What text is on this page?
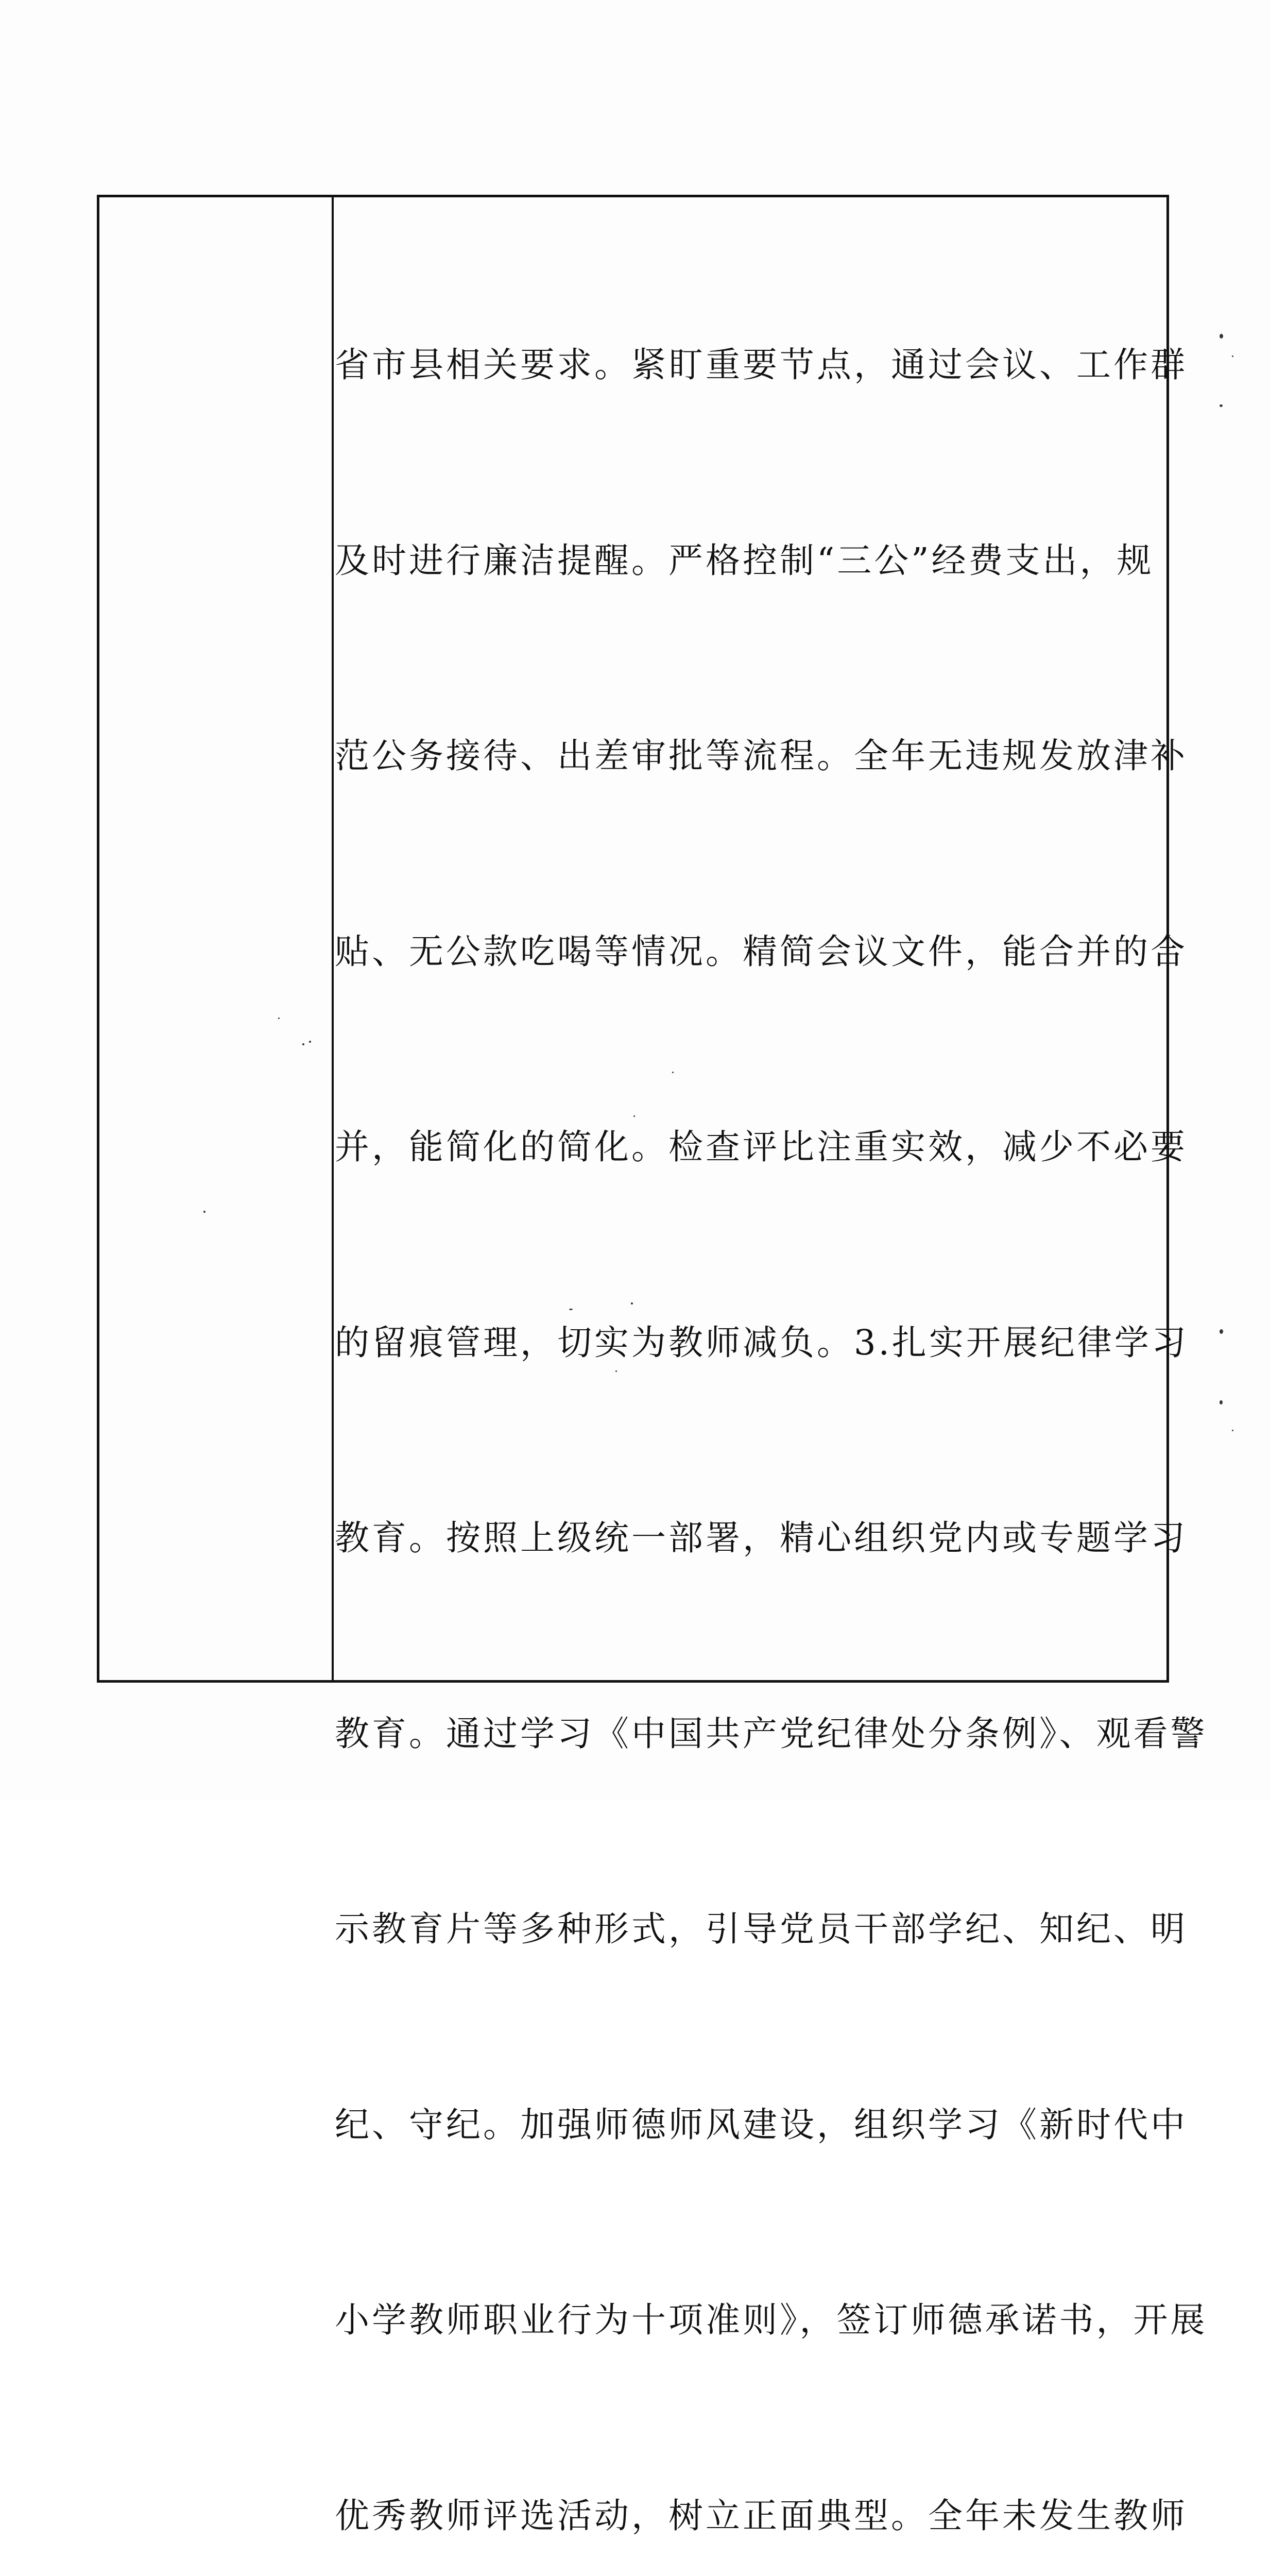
省市县相关要求。紧盯重要节点，通过会议、工作群

及时进行廉洁提醒。严格控制“三公”经费支出，规

范公务接待、出差审批等流程。全年无违规发放津补

贴、无公款吃喝等情况。精简会议文件，能合并的合

并，能简化的简化。检查评比注重实效，减少不必要

的留痕管理，切实为教师减负。3.扎实开展纪律学习

教育。按照上级统一部署，精心组织党内或专题学习

教育。通过学习《中国共产党纪律处分条例》、观看警

示教育片等多种形式，引导党员干部学纪、知纪、明

纪、守纪。加强师德师风建设，组织学习《新时代中

小学教师职业行为十项准则》，签订师德承诺书，开展

优秀教师评选活动，树立正面典型。全年未发生教师
